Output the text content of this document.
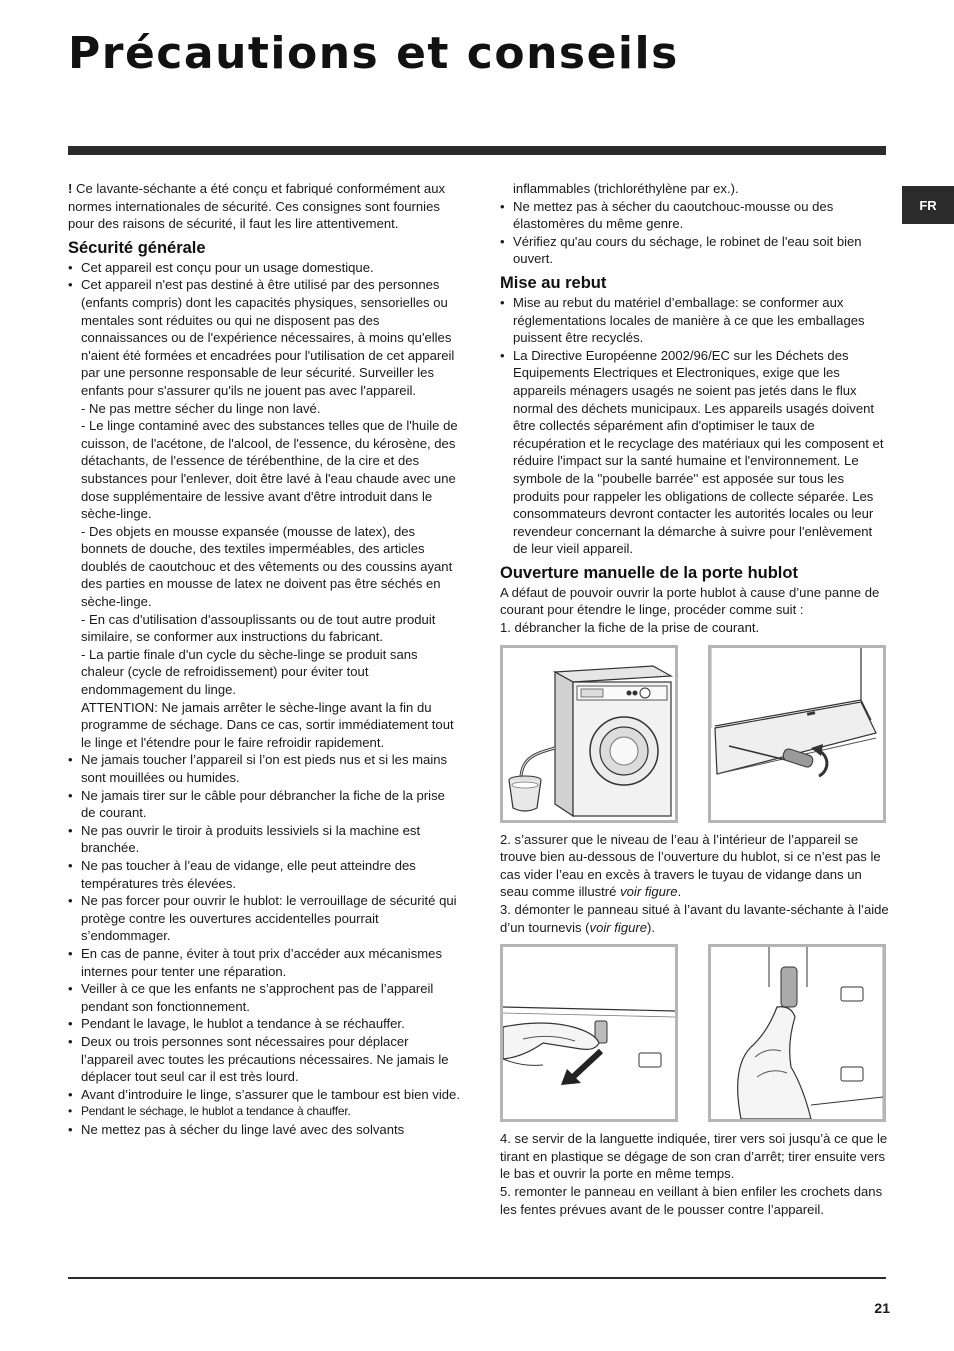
Précautions et conseils
FR

! Ce lavante-séchante a été conçu et fabriqué conformément aux normes internationales de sécurité. Ces consignes sont fournies pour des raisons de sécurité, il faut les lire attentivement.

Sécurité générale
• Cet appareil est conçu pour un usage domestique.
• Cet appareil n'est pas destiné à être utilisé par des personnes (enfants compris) dont les capacités physiques, sensorielles ou mentales sont réduites ou qui ne disposent pas des connaissances ou de l'expérience nécessaires, à moins qu'elles n'aient été formées et encadrées pour l'utilisation de cet appareil par une personne responsable de leur sécurité. Surveiller les enfants pour s'assurer qu'ils ne jouent pas avec l'appareil.
- Ne pas mettre sécher du linge non lavé.
- Le linge contaminé avec des substances telles que de l'huile de cuisson, de l'acétone, de l'alcool, de l'essence, du kérosène, des détachants, de l'essence de térébenthine, de la cire et des substances pour l'enlever, doit être lavé à l'eau chaude avec une dose supplémentaire de lessive avant d'être introduit dans le sèche-linge.
- Des objets en mousse expansée (mousse de latex), des bonnets de douche, des textiles imperméables, des articles doublés de caoutchouc et des vêtements ou des coussins ayant des parties en mousse de latex ne doivent pas être séchés en sèche-linge.
- En cas d'utilisation d'assouplissants ou de tout autre produit similaire, se conformer aux instructions du fabricant.
- La partie finale d'un cycle du sèche-linge se produit sans chaleur (cycle de refroidissement) pour éviter tout endommagement du linge.
ATTENTION: Ne jamais arrêter le sèche-linge avant la fin du programme de séchage. Dans ce cas, sortir immédiatement tout le linge et l'étendre pour le faire refroidir rapidement.
• Ne jamais toucher l’appareil si l’on est pieds nus et si les mains sont mouillées ou humides.
• Ne jamais tirer sur le câble pour débrancher la fiche de la prise de courant.
• Ne pas ouvrir le tiroir à produits lessiviels si la machine est branchée.
• Ne pas toucher à l’eau de vidange, elle peut atteindre des températures très élevées.
• Ne pas forcer pour ouvrir le hublot: le verrouillage de sécurité qui protège contre les ouvertures accidentelles pourrait s’endommager.
• En cas de panne, éviter à tout prix d’accéder aux mécanismes internes pour tenter une réparation.
• Veiller à ce que les enfants ne s’approchent pas de l’appareil pendant son fonctionnement.
• Pendant le lavage, le hublot a tendance à se réchauffer.
• Deux ou trois personnes sont nécessaires pour déplacer l’appareil avec toutes les précautions nécessaires. Ne jamais le déplacer tout seul car il est très lourd.
• Avant d’introduire le linge, s’assurer que le tambour est bien vide.
• Pendant le séchage, le hublot a tendance à chauffer.
• Ne mettez pas à sécher du linge lavé avec des solvants
inflammables (trichloréthylène par ex.).
• Ne mettez pas à sécher du caoutchouc-mousse ou des élastomères du même genre.
• Vérifiez qu'au cours du séchage, le robinet de l'eau soit bien ouvert.
Mise au rebut
• Mise au rebut du matériel d’emballage: se conformer aux réglementations locales de manière à ce que les emballages puissent être recyclés.
• La Directive Européenne 2002/96/EC sur les Déchets des Equipements Electriques et Electroniques, exige que les appareils ménagers usagés ne soient pas jetés dans le flux normal des déchets municipaux. Les appareils usagés doivent être collectés séparément afin d'optimiser le taux de récupération et le recyclage des matériaux qui les composent et réduire l'impact sur la santé humaine et l'environnement. Le symbole de la ''poubelle barrée'' est apposée sur tous les produits pour rappeler les obligations de collecte séparée. Les consommateurs devront contacter les autorités locales ou leur revendeur concernant la démarche à suivre pour l'enlèvement de leur vieil appareil.
Ouverture manuelle de la porte hublot

A défaut de pouvoir ouvrir la porte hublot à cause d’une panne de courant pour étendre le linge, procéder comme suit :

1. débrancher la fiche de la prise de courant.

2. s’assurer que le niveau de l’eau à l’intérieur de l’appareil se trouve bien au-dessous de l’ouverture du hublot, si ce n’est pas le cas vider l’eau en excès à travers le tuyau de vidange dans un seau comme illustré voir figure.

3. démonter le panneau situé à l’avant du lavante-séchante à l’aide d’un tournevis (voir figure).

4. se servir de la languette indiquée, tirer vers soi jusqu’à ce que le tirant en plastique se dégage de son cran d’arrêt; tirer ensuite vers le bas et ouvrir la porte en même temps.

5. remonter le panneau en veillant à bien enfiler les crochets dans les fentes prévues avant de le pousser contre l’appareil.

21
